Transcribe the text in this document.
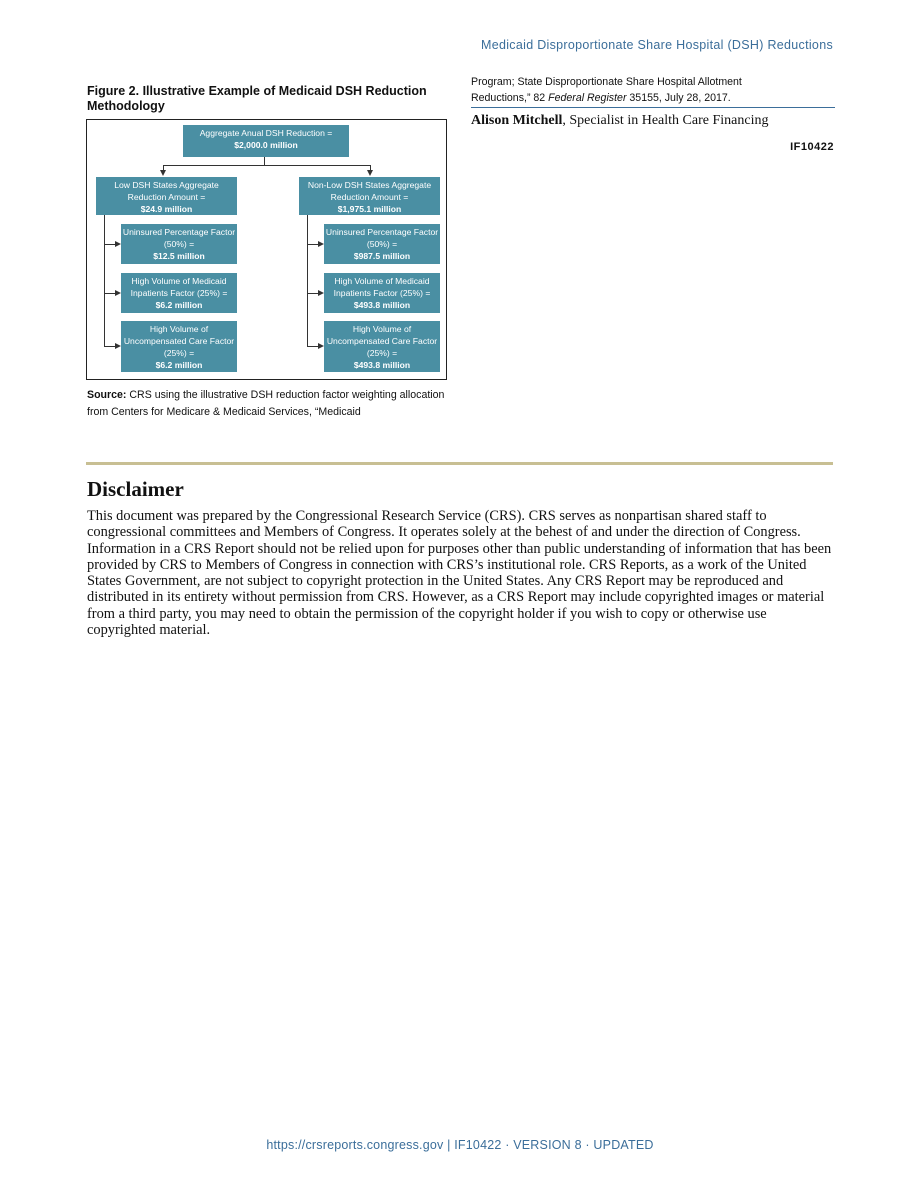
Medicaid Disproportionate Share Hospital (DSH) Reductions
Figure 2. Illustrative Example of Medicaid DSH Reduction Methodology
Aggregate Anual DSH Reduction =
$2,000.0 million
Low DSH States Aggregate Reduction Amount =
$24.9 million
Non-Low DSH States Aggregate Reduction Amount =
$1,975.1 million
Uninsured Percentage Factor (50%) =
$12.5 million
High Volume of Medicaid Inpatients Factor (25%) =
$6.2 million
High Volume of Uncompensated Care Factor (25%) =
$6.2 million
Uninsured Percentage Factor (50%) =
$987.5 million
High Volume of Medicaid Inpatients Factor (25%) =
$493.8 million
High Volume of Uncompensated Care Factor (25%) =
$493.8 million
Source: CRS using the illustrative DSH reduction factor weighting allocation from Centers for Medicare & Medicaid Services, “Medicaid
Program; State Disproportionate Share Hospital Allotment
Reductions,” 82 Federal Register 35155, July 28, 2017.
Alison Mitchell, Specialist in Health Care Financing
IF10422
Disclaimer
This document was prepared by the Congressional Research Service (CRS). CRS serves as nonpartisan shared staff to congressional committees and Members of Congress. It operates solely at the behest of and under the direction of Congress. Information in a CRS Report should not be relied upon for purposes other than public understanding of information that has been provided by CRS to Members of Congress in connection with CRS’s institutional role. CRS Reports, as a work of the United States Government, are not subject to copyright protection in the United States. Any CRS Report may be reproduced and distributed in its entirety without permission from CRS. However, as a CRS Report may include copyrighted images or material from a third party, you may need to obtain the permission of the copyright holder if you wish to copy or otherwise use copyrighted material.
https://crsreports.congress.gov | IF10422 · VERSION 8 · UPDATED
